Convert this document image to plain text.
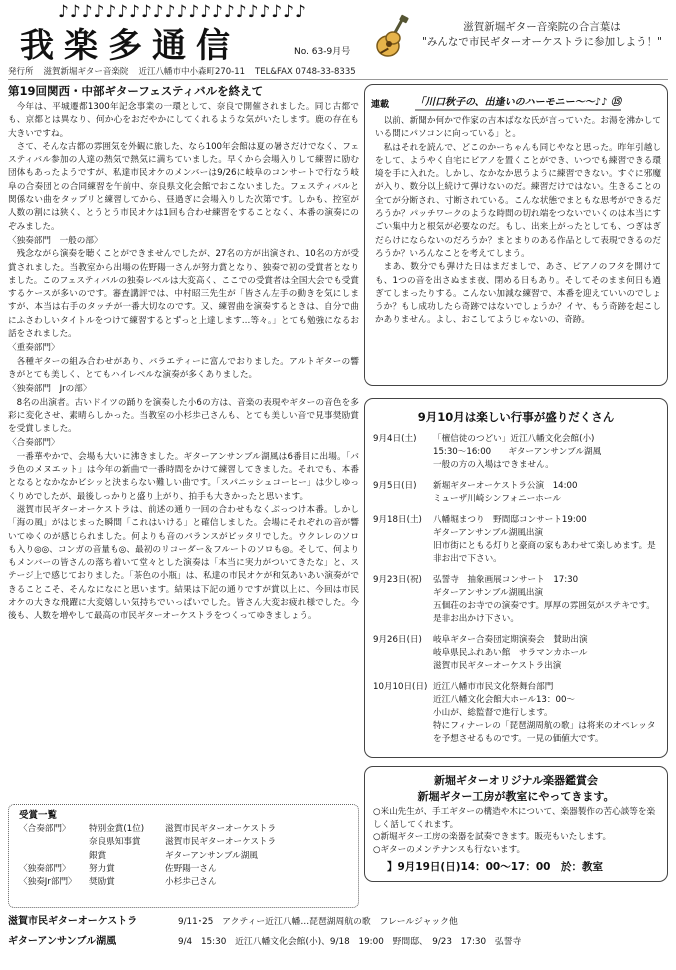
♪♪♪♪♪♪♪♪♪♪♪♪♪♪♪♪♪♪♪♪♪
我楽多通信	No. 63-9月号
滋賀新堀ギター音楽院の合言葉は
"みんなで市民ギターオーケストラに参加しよう！"
発行所 滋賀新堀ギター音楽院 近江八幡市中小森町270-11 TEL&FAX 0748-33-8335
第19回関西・中部ギターフェスティバルを終えて

今年は、平城遷都1300年記念事業の一環として、奈良で開催されました。同じ古都でも、京都とは異なり、何か心をおだやかにしてくれるような気がいたします。鹿の存在も大きいですね。

さて、そんな古都の雰囲気を外観に旅した、なら100年会館は夏の暑さだけでなく、フェスティバル参加の人達の熱気で熱気に満ちていました。早くから会場入りして練習に励む団体もあったようですが、私達市民オケのメンバーは9/26に岐阜のコンサートで行なう岐阜の合奏団との合同練習を午前中、奈良県文化会館でおこないました。フェスティバルと関係ない曲をタップリと練習してから、昼過ぎに会場入りした次第です。しかも、控室が人数の割には狭く、とうとう市民オケは1回も合わせ練習をすることなく、本番の演奏にのぞみました。

〈独奏部門　一般の部〉

残念ながら演奏を聴くことができませんでしたが、27名の方が出演され、10名の方が受賞されました。当教室から出場の佐野陽一さんが努力賞となり、独奏で初の受賞者となりました。このフェスティバルの独奏レベルは大変高く、ここでの受賞者は全国大会でも受賞するケースが多いのです。審査講評では、中村昭三先生が「皆さん左手の動きを気にしますが、本当は右手のタッチが一番大切なのです。又、練習曲を演奏するときは、自分で曲にふさわしいタイトルをつけて練習するとずっと上達します…等々。」とても勉強になるお話をされました。

〈重奏部門〉

各種ギターの組み合わせがあり、バラエティーに富んでおりました。アルトギターの響きがとても美しく、とてもハイレベルな演奏が多くありました。

〈独奏部門　Jrの部〉

8名の出演者。古いドイツの踊りを演奏した小6の方は、音楽の表現やギターの音色を多彩に変化させ、素晴らしかった。当教室の小杉歩己さんも、とても美しい音で見事奨励賞を受賞しました。

〈合奏部門〉

一番華やかで、会場も大いに沸きました。ギターアンサンブル湖風は6番目に出場。「バラ色のメヌエット」は今年の新曲で一番時間をかけて練習してきました。それでも、本番となるとなかなかビシッと決まらない難しい曲です。「スパニッシュコーヒー」は少しゆっくりめでしたが、最後しっかりと盛り上がり、拍手も大きかったと思います。

滋賀市民ギターオーケストラは、前述の通り一回の合わせもなくぶっつけ本番。しかし「海の風」がはじまった瞬間「これはいける」と確信しました。会場にそれぞれの音が響いてゆくのが感じられました。何よりも音のバランスがピッタリでした。ウクレレのソロも入り◎◎、コンガの音量も◎、最初のリコーダー＆フルートのソロも◎。そして、何よりもメンバーの皆さんの落ち着いて堂々とした演奏は「本当に実力がついてきたな」と、ステージ上で感じておりました。「茶色の小瓶」は、私達の市民オケが和気あいあい演奏ができることこそ、そんなになにと思います。結果は下記の通りですが賞以上に、今回は市民オケの大きな飛躍に大変嬉しい気持ちでいっぱいでした。皆さん大変お疲れ様でした。今後も、人数を増やして最高の市民ギターオーケストラをつくってゆきましょう。

受賞一覧
〈合奏部門〉	特別金賞(1位)	滋賀市民ギターオーケストラ
奈良県知事賞	滋賀市民ギターオーケストラ
銀賞	ギターアンサンブル湖風
〈独奏部門〉	努力賞	佐野陽一さん
〈独奏Jr部門〉	奨励賞	小杉歩己さん
連載	「川口秋子の、出逢いのハーモニー～～♪♪ ⑮

以前、新聞か何かで作家の吉本ばなな氏が言っていた。お湯を沸かしている間にパソコンに向っている」と。

私はそれを読んで、どこのかーちゃんも同じやなと思った。昨年引越しをして、ようやく自宅にピアノを置くことができ、いつでも練習できる環境を手に入れた。しかし、なかなか思うように練習できない。すぐに邪魔が入り、数分以上続けて弾けないのだ。練習だけではない。生きることの全てが分断され、寸断されている。こんな状態でまともな思考ができるだろうか？パッチワークのような時間の切れ端をつないでいくのは本当にすごい集中力と根気が必要なのだ。もし、出来上がったとしても、つぎはぎだらけにならないのだろうか？まとまりのある作品として表現できるのだろうか？いろんなことを考えてしまう。

まあ、数分でも弾けた日はまだましで、あさ、ピアノのフタを開けても、1つの音を出さぬまま夜、閉める日もあり。そしてそのまま何日も過ぎてしまったりする。こんない加減な練習で、本番を迎えていいのでしょうか？もし成功したら奇跡ではないでしょうか？イヤ、もう奇跡を起こしかありません。よし、おこしてようじゃないの、奇跡。

9月10月は楽しい行事が盛りだくさん
9月4日(土)	「檀信徒のつどい」近江八幡文化会館(小)
15:30～16:00　　ギターアンサンブル湖風
一般の方の入場はできません。
9月5日(日)	新堀ギターオーケストラ公演　14:00
ミューザ川崎シンフォニーホール
9月18日(土)	八幡堀まつり　野間邸コンサート19:00
ギターアンサンブル湖風出演
旧市街にともる灯りと豪商の家もあわせて楽しめます。是非お出で下さい。
9月23日(祝)	弘誓寺　抽象画展コンサート　17:30
ギターアンサンブル湖風出演
五個荘のお寺での演奏です。厚厚の雰囲気がステキです。是非お出かけ下さい。
9月26日(日)	岐阜ギター合奏団定期演奏会　賛助出演
岐阜県民ふれあい館　サラマンカホール
滋賀市民ギターオーケストラ出演
10月10日(日) 近江八幡市市民文化祭舞台部門
近江八幡文化会館大ホール13：00～
小山が、総監督で進行します。
特にフィナーレの「琵琶湖周航の歌」は将来のオペレッタを予想させるものです。一見の価値大です。
新堀ギターオリジナル楽器鑑賞会
新堀ギター工房が教室にやってきます。
○米山先生が、手工ギターの構造や木について、楽器製作の苦心談等を楽しく話してくれます。
○新堀ギター工房の楽器を試奏できます。販売もいたします。
○ギターのメンテナンスも行ないます。
】9月19日(日)14：00～17：00　於：教室
滋賀市民ギターオーケストラ	9/11･25　アクティー近江八幡…琵琶湖周航の歌　フレールジャック他
ギターアンサンブル湖風	9/4　15:30　近江八幡文化会館(小)、9/18　19:00　野間邸、　9/23　17:30　弘誓寺
